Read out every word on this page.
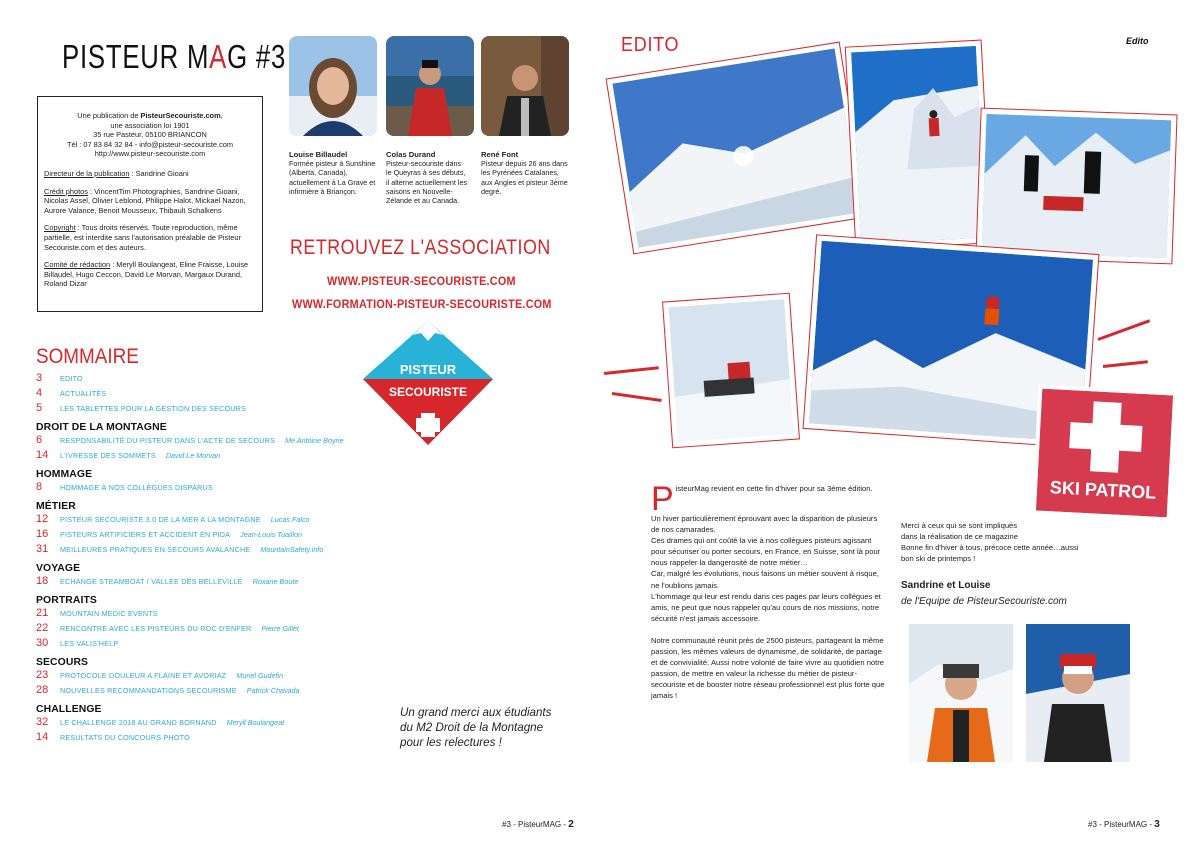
PISTEUR MAG #3

Une publication de PisteurSecouriste.com,
une association loi 1901
35 rue Pasteur, 05100 BRIANCON
Tél : 07 83 84 32 84 - info@pisteur-secouriste.com
http://www.pisteur-secouriste.com

Directeur de la publication : Sandrine Gioani

Crédit photos : VincentTim Photographies, Sandrine Gioani, Nicolas Assel, Olivier Leblond, Philippe Halot, Mickael Nazon, Aurore Valance, Benoit Mousseux, Thibault Schalkens

Copyright : Tous droits réservés. Toute reproduction, même partielle, est interdite sans l'autorisation préalable de Pisteur Secouriste.com et des auteurs.

Comité de rédaction : Meryll Boulangeat, Eline Fraisse, Louise Billaudel, Hugo Ceccon, David Le Morvan, Margaux Durand, Roland Dizar

Louise Billaudel
Formée pisteur à Sunshine (Alberta, Canada), actuellement à La Grave et infirmière à Briançon.
Colas Durand
Pisteur-secouriste dans le Queyras à ses débuts, il alterne actuellement les saisons en Nouvelle-Zélande et au Canada.
René Font
Pisteur depuis 26 ans dans les Pyrénées Catalanes, aux Angles et pisteur 3ème degré.
RETROUVEZ L'ASSOCIATION
WWW.PISTEUR-SECOURISTE.COM
WWW.FORMATION-PISTEUR-SECOURISTE.COM
PISTEUR
SECOURISTE
SOMMAIRE
3	EDITO
4	ACTUALITÉS
5	LES TABLETTES POUR LA GESTION DES SECOURS
DROIT DE LA MONTAGNE
6	RESPONSABILITÉ DU PISTEUR DANS L'ACTE DE SECOURS Me Antoine Boyrie
14	L'IVRESSE DES SOMMETS David Le Morvan
HOMMAGE
8	HOMMAGE À NOS COLLÈGUES DISPARUS
MÉTIER
12	PISTEUR SECOURISTE 3.0 DE LA MER A LA MONTAGNE Lucas Falco
16	PISTEURS ARTIFICIERS ET ACCIDENT EN PIDA Jean-Louis Tuaillon
31	MEILLEURES PRATIQUES EN SECOURS AVALANCHE MountainSafety.info
VOYAGE
18	ECHANGE STEAMBOAT / VALLÉE DES BELLEVILLE Roxane Boute
PORTRAITS
21	MOUNTAIN MEDIC EVENTS
22	RENCONTRE AVEC LES PISTEURS DU ROC D'ENFER Pierre Gillet
30	LES VALIS'HELP
SECOURS
23	PROTOCOLE DOULEUR A FLAINE ET AVORIAZ Muriel Gudefin
28	NOUVELLES RECOMMANDATIONS SECOURISME Patrick Chavada
CHALLENGE
32	LE CHALLENGE 2018 AU GRAND BORNAND Meryll Boulangeat
14	RESULTATS DU CONCOURS PHOTO
Un grand merci aux étudiants
du M2 Droit de la Montagne
pour les relectures !
#3 - PisteurMAG - 2
EDITO	Edito
SKI PATROL

PisteurMag revient en cette fin d'hiver pour sa 3ème édition.

Un hiver particulièrement éprouvant avec la disparition de plusieurs de nos camarades.

Ces drames qui ont coûté la vie à nos collègues pisteurs agissant pour sécuriser ou porter secours, en France, en Suisse, sont là pour nous rappeler la dangerosité de notre métier…

Car, malgré les évolutions, nous faisons un métier souvent à risque, ne l'oublions jamais.

L'hommage qui leur est rendu dans ces pages par leurs collègues et amis, ne peut que nous rappeler qu'au cours de nos missions, notre sécurité n'est jamais accessoire.

Notre communauté réunit près de 2500 pisteurs, partageant la même passion, les mêmes valeurs de dynamisme, de solidarité, de partage et de convivialité. Aussi notre volonté de faire vivre au quotidien notre passion, de mettre en valeur la richesse du métier de pisteur-secouriste et de booster notre réseau professionnel est plus forte que jamais !

Merci à ceux qui se sont impliqués

dans la réalisation de ce magazine

Bonne fin d'hiver à tous, précoce cette année…aussi bon ski de printemps !

Sandrine et Louise
de l'Equipe de PisteurSecouriste.com
#3 - PisteurMAG - 3
